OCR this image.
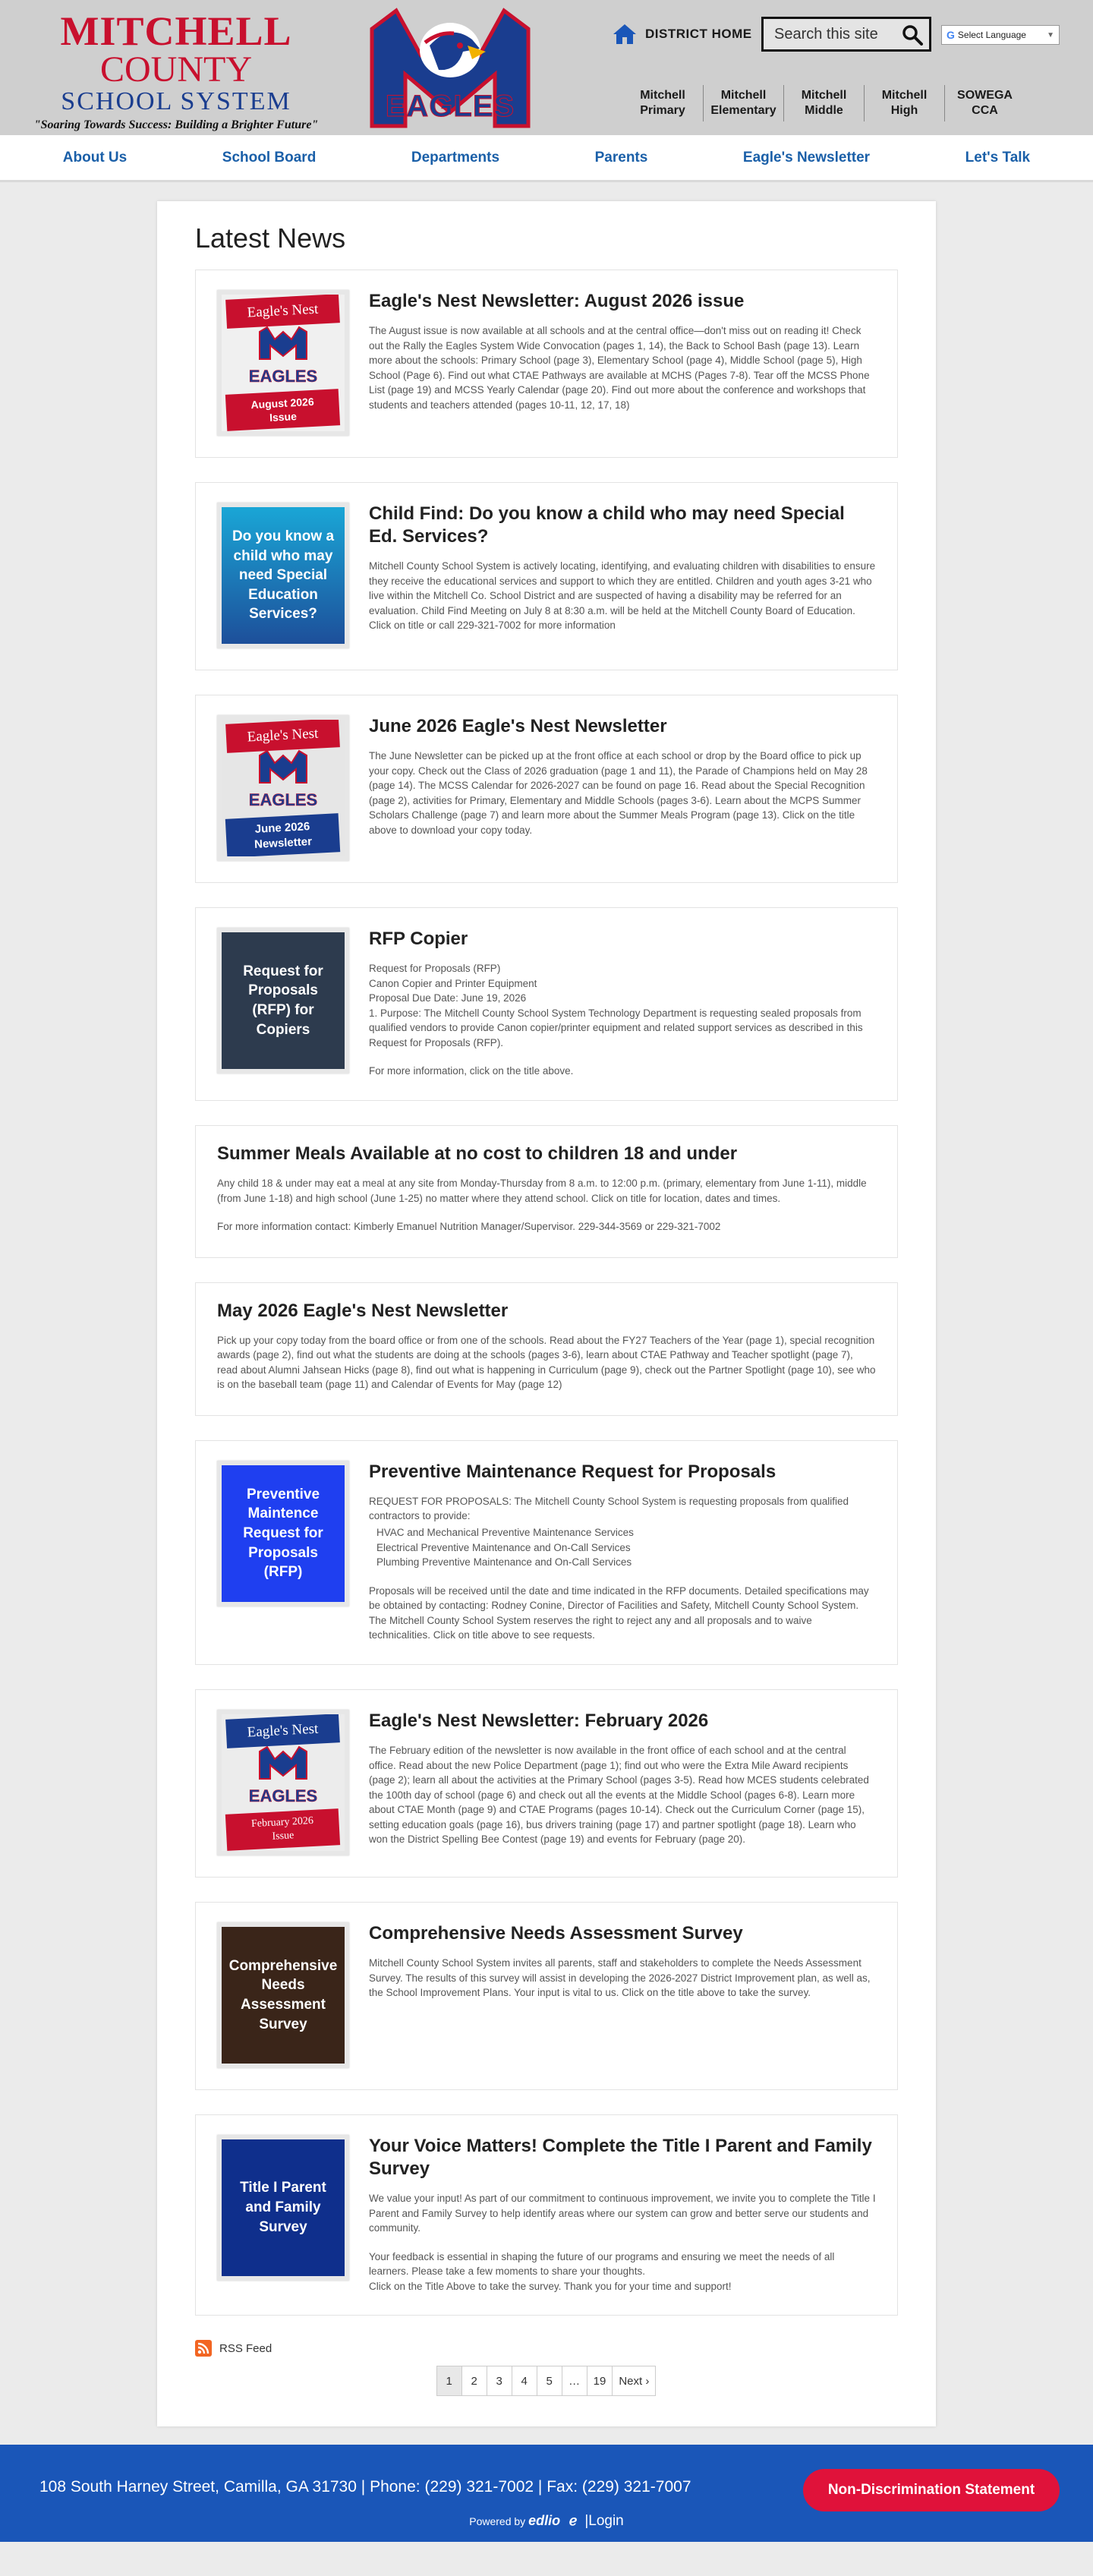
MITCHELL
COUNTY
SCHOOL SYSTEM
"Soaring Towards Success: Building a Brighter Future"
EAGLES
DISTRICT HOME
Search this site	G Select Language	▼
Mitchell
Primary
Mitchell
Elementary
Mitchell
Middle
Mitchell
High
SOWEGA
CCA
About Us	School Board	Departments	Parents	Eagle's Newsletter	Let's Talk
Latest News
Eagle's Nest
EAGLES
August 2026
Issue
Eagle's Nest Newsletter: August 2026 issue

The August issue is now available at all schools and at the central office—don't miss out on reading it! Check out the Rally the Eagles System Wide Convocation (pages 1, 14), the Back to School Bash (page 13). Learn more about the schools: Primary School (page 3), Elementary School (page 4), Middle School (page 5), High School (Page 6). Find out what CTAE Pathways are available at MCHS (Pages 7-8). Tear off the MCSS Phone List (page 19) and MCSS Yearly Calendar (page 20). Find out more about the conference and workshops that students and teachers attended (pages 10-11, 12, 17, 18)

Do you know a child who may need Special Education Services?
Child Find: Do you know a child who may need Special Ed. Services?

Mitchell County School System is actively locating, identifying, and evaluating children with disabilities to ensure they receive the educational services and support to which they are entitled. Children and youth ages 3-21 who live within the Mitchell Co. School District and are suspected of having a disability may be referred for an evaluation. Child Find Meeting on July 8 at 8:30 a.m. will be held at the Mitchell County Board of Education. Click on title or call 229-321-7002 for more information

Eagle's Nest
EAGLES
June 2026
Newsletter
June 2026 Eagle's Nest Newsletter

The June Newsletter can be picked up at the front office at each school or drop by the Board office to pick up your copy. Check out the Class of 2026 graduation (page 1 and 11), the Parade of Champions held on May 28 (page 14). The MCSS Calendar for 2026-2027 can be found on page 16. Read about the Special Recognition (page 2), activities for Primary, Elementary and Middle Schools (pages 3-6). Learn about the MCPS Summer Scholars Challenge (page 7) and learn more about the Summer Meals Program (page 13). Click on the title above to download your copy today.

Request for Proposals (RFP) for Copiers
RFP Copier

Request for Proposals (RFP)
Canon Copier and Printer Equipment
Proposal Due Date: June 19, 2026
1. Purpose: The Mitchell County School System Technology Department is requesting sealed proposals from qualified vendors to provide Canon copier/printer equipment and related support services as described in this Request for Proposals (RFP).

For more information, click on the title above.

Summer Meals Available at no cost to children 18 and under

Any child 18 & under may eat a meal at any site from Monday-Thursday from 8 a.m. to 12:00 p.m. (primary, elementary from June 1-11), middle (from June 1-18) and high school (June 1-25) no matter where they attend school. Click on title for location, dates and times.

For more information contact: Kimberly Emanuel Nutrition Manager/Supervisor. 229-344-3569 or 229-321-7002

May 2026 Eagle's Nest Newsletter

Pick up your copy today from the board office or from one of the schools. Read about the FY27 Teachers of the Year (page 1), special recognition awards (page 2), find out what the students are doing at the schools (pages 3-6), learn about CTAE Pathway and Teacher spotlight (page 7), read about Alumni Jahsean Hicks (page 8), find out what is happening in Curriculum (page 9), check out the Partner Spotlight (page 10), see who is on the baseball team (page 11) and Calendar of Events for May (page 12)

Preventive Maintence Request for Proposals (RFP)
Preventive Maintenance Request for Proposals

REQUEST FOR PROPOSALS: The Mitchell County School System is requesting proposals from qualified contractors to provide:

HVAC and Mechanical Preventive Maintenance Services
Electrical Preventive Maintenance and On-Call Services
Plumbing Preventive Maintenance and On-Call Services

Proposals will be received until the date and time indicated in the RFP documents. Detailed specifications may be obtained by contacting: Rodney Conine, Director of Facilities and Safety, Mitchell County School System. The Mitchell County School System reserves the right to reject any and all proposals and to waive technicalities. Click on title above to see requests.

Eagle's Nest
EAGLES
February 2026
Issue
Eagle's Nest Newsletter: February 2026

The February edition of the newsletter is now available in the front office of each school and at the central office. Read about the new Police Department (page 1); find out who were the Extra Mile Award recipients (page 2); learn all about the activities at the Primary School (pages 3-5). Read how MCES students celebrated the 100th day of school (page 6) and check out all the events at the Middle School (pages 6-8). Learn more about CTAE Month (page 9) and CTAE Programs (pages 10-14). Check out the Curriculum Corner (page 15), setting education goals (page 16), bus drivers training (page 17) and partner spotlight (page 18). Learn who won the District Spelling Bee Contest (page 19) and events for February (page 20).

Comprehensive Needs Assessment Survey
Comprehensive Needs Assessment Survey

Mitchell County School System invites all parents, staff and stakeholders to complete the Needs Assessment Survey. The results of this survey will assist in developing the 2026-2027 District Improvement plan, as well as, the School Improvement Plans. Your input is vital to us. Click on the title above to take the survey.

Title I Parent and Family Survey
Your Voice Matters! Complete the Title I Parent and Family Survey

We value your input! As part of our commitment to continuous improvement, we invite you to complete the Title I Parent and Family Survey to help identify areas where our system can grow and better serve our students and community.

Your feedback is essential in shaping the future of our programs and ensuring we meet the needs of all learners. Please take a few moments to share your thoughts.
Click on the Title Above to take the survey. Thank you for your time and support!

RSS Feed
1	2	3	4	5	…	19	Next ›
108 South Harney Street, Camilla, GA 31730 | Phone: (229) 321-7002 | Fax: (229) 321-7007	Non-Discrimination Statement
Powered by edlio ℯ |Login
